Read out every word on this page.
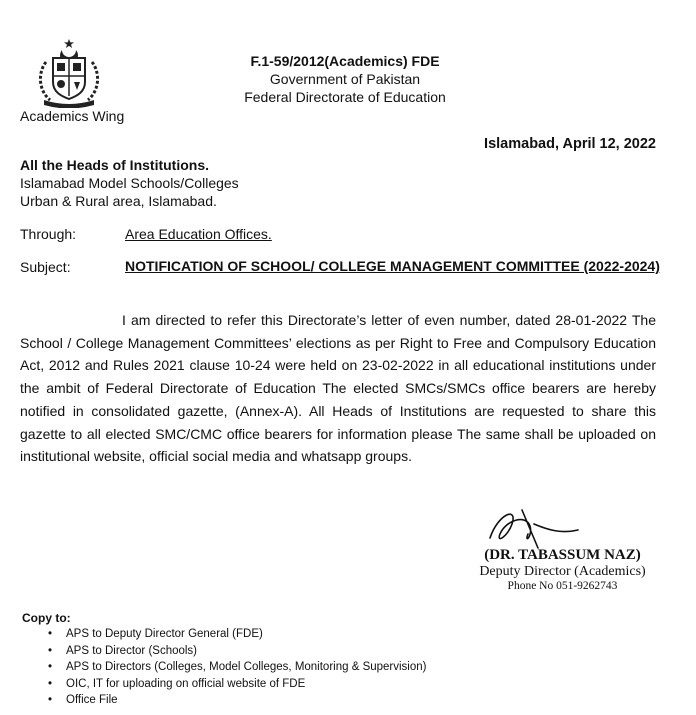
Academics Wing
F.1-59/2012(Academics) FDE
Government of Pakistan
Federal Directorate of Education
Islamabad, April 12, 2022
All the Heads of Institutions.
Islamabad Model Schools/Colleges
Urban & Rural area, Islamabad.
Through:	Area Education Offices.
Subject:	NOTIFICATION OF SCHOOL/ COLLEGE MANAGEMENT COMMITTEE (2022-2024)
I am directed to refer this Directorate’s letter of even number, dated 28-01-2022 The School / College Management Committees’ elections as per Right to Free and Compulsory Education Act, 2012 and Rules 2021 clause 10-24 were held on 23-02-2022 in all educational institutions under the ambit of Federal Directorate of Education The elected SMCs/SMCs office bearers are hereby notified in consolidated gazette, (Annex-A). All Heads of Institutions are requested to share this gazette to all elected SMC/CMC office bearers for information please The same shall be uploaded on institutional website, official social media and whatsapp groups.
(DR. TABASSUM NAZ)
Deputy Director (Academics)
Phone No 051-9262743
Copy to:
• APS to Deputy Director General (FDE)
• APS to Director (Schools)
• APS to Directors (Colleges, Model Colleges, Monitoring & Supervision)
• OIC, IT for uploading on official website of FDE
• Office File
